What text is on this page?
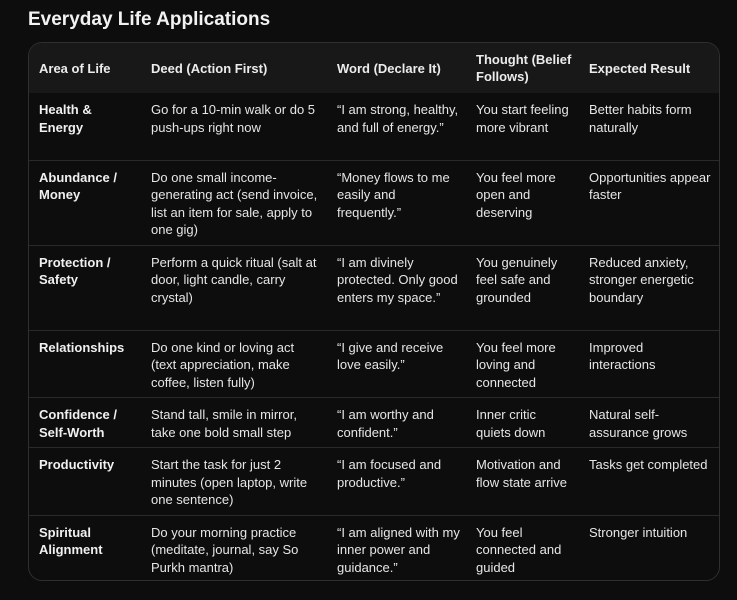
Everyday Life Applications
Area of Life	Deed (Action First)	Word (Declare It)	Thought (Belief Follows)	Expected Result
Health & Energy	Go for a 10-min walk or do 5 push-ups right now	“I am strong, healthy, and full of energy.”	You start feeling more vibrant	Better habits form naturally
Abundance / Money	Do one small income-generating act (send invoice, list an item for sale, apply to one gig)	“Money flows to me easily and frequently.”	You feel more open and deserving	Opportunities appear faster
Protection / Safety	Perform a quick ritual (salt at door, light candle, carry crystal)	“I am divinely protected. Only good enters my space.”	You genuinely feel safe and grounded	Reduced anxiety, stronger energetic boundary
Relationships	Do one kind or loving act (text appreciation, make coffee, listen fully)	“I give and receive love easily.”	You feel more loving and connected	Improved interactions
Confidence / Self-Worth	Stand tall, smile in mirror, take one bold small step	“I am worthy and confident.”	Inner critic quiets down	Natural self-assurance grows
Productivity	Start the task for just 2 minutes (open laptop, write one sentence)	“I am focused and productive.”	Motivation and flow state arrive	Tasks get completed
Spiritual Alignment	Do your morning practice (meditate, journal, say So Purkh mantra)	“I am aligned with my inner power and guidance.”	You feel connected and guided	Stronger intuition
